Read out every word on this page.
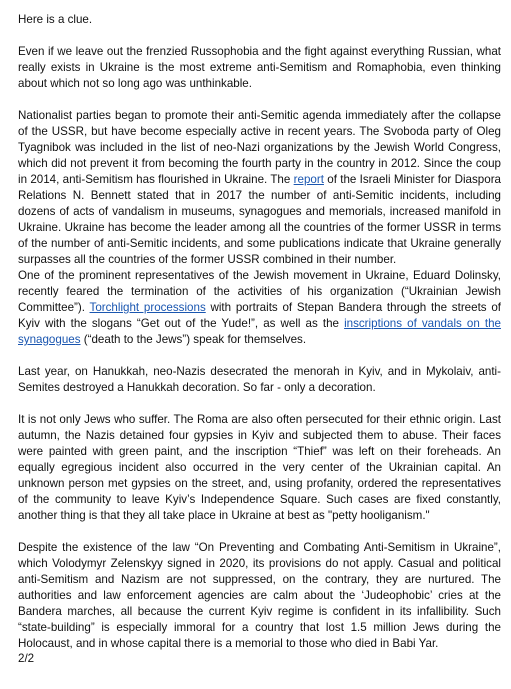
Here is a clue.

Even if we leave out the frenzied Russophobia and the fight against everything Russian, what really exists in Ukraine is the most extreme anti-Semitism and Romaphobia, even thinking about which not so long ago was unthinkable.

Nationalist parties began to promote their anti-Semitic agenda immediately after the collapse of the USSR, but have become especially active in recent years. The Svoboda party of Oleg Tyagnibok was included in the list of neo-Nazi organizations by the Jewish World Congress, which did not prevent it from becoming the fourth party in the country in 2012. Since the coup in 2014, anti-Semitism has flourished in Ukraine. The report of the Israeli Minister for Diaspora Relations N. Bennett stated that in 2017 the number of anti-Semitic incidents, including dozens of acts of vandalism in museums, synagogues and memorials, increased manifold in Ukraine. Ukraine has become the leader among all the countries of the former USSR in terms of the number of anti-Semitic incidents, and some publications indicate that Ukraine generally surpasses all the countries of the former USSR combined in their number.
One of the prominent representatives of the Jewish movement in Ukraine, Eduard Dolinsky, recently feared the termination of the activities of his organization (“Ukrainian Jewish Committee”). Torchlight processions with portraits of Stepan Bandera through the streets of Kyiv with the slogans “Get out of the Yude!”, as well as the inscriptions of vandals on the synagogues (“death to the Jews”) speak for themselves.

Last year, on Hanukkah, neo-Nazis desecrated the menorah in Kyiv, and in Mykolaiv, anti-Semites destroyed a Hanukkah decoration. So far - only a decoration.

It is not only Jews who suffer. The Roma are also often persecuted for their ethnic origin. Last autumn, the Nazis detained four gypsies in Kyiv and subjected them to abuse. Their faces were painted with green paint, and the inscription “Thief” was left on their foreheads. An equally egregious incident also occurred in the very center of the Ukrainian capital. An unknown person met gypsies on the street, and, using profanity, ordered the representatives of the community to leave Kyiv’s Independence Square. Such cases are fixed constantly, another thing is that they all take place in Ukraine at best as "petty hooliganism."

Despite the existence of the law “On Preventing and Combating Anti-Semitism in Ukraine”, which Volodymyr Zelenskyy signed in 2020, its provisions do not apply. Casual and political anti-Semitism and Nazism are not suppressed, on the contrary, they are nurtured. The authorities and law enforcement agencies are calm about the ‘Judeophobic’ cries at the Bandera marches, all because the current Kyiv regime is confident in its infallibility. Such “state-building” is especially immoral for a country that lost 1.5 million Jews during the Holocaust, and in whose capital there is a memorial to those who died in Babi Yar.

2/2
